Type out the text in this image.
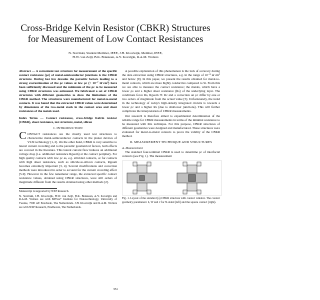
Cross-Bridge Kelvin Resistor (CBKR) Structures
for Measurement of Low Contact Resistances
N. Stavitski, Student Member, IEEE, J.H. Klootwijk, Member, IEEE,
H.W. van Zeijl, B.K. Boksteen, A.Y. Kovalgin, R.A.M. Wolters
Abstract — A convenient test structure for measurement of the specific contact resistance (ρc) of metal-semiconductor junctions is the CBKR structure. During last few decades the parasitic factors leading to a strong overestimation of the ρc values at low ρc (< 10⁻⁷ Ω·cm²) have been sufficiently discussed and the minimum of the ρc to be measured using CBKR structures was estimated. We fabricated a set of CBKR structures with different geometries to show the limitations of the CBKR method. The structures were manufactured for metal-to-metal contacts. It was found that the extracted CBKR values were determined by dimensions of the two-metal stack in the contact area and sheet resistances of the metals used.
Index Terms — Contact resistance, cross-bridge Kelvin resistor (CBKR), sheet resistance, test structure, metal, silicon
I. INTRODUCTION

C ONTACT resistances are the mostly used test structures to characterize metal-semiconductor contacts in the planar devices of VLSI technology [1, 2]. On the other hand, CBKR is very sensitive to lateral current crowding and to the parasitic geometrical factors, both effects are covered in the literature. This lateral current flow induces an additional voltage drop (i.e. additional resistance Rgeom) at the contact periphery. For high quality contacts with low ρc as, e.g. silicided contacts, or for contacts with high sheet resistance, such as silicide-to-silicon contacts, Rgeom becomes extremely important [3, 4]. Several modifications and correction methods were introduced in order to account for the current crowding effect [5-9]. However in the few nanometer range, the extracted specific contact resistance values, obtained using CBKR structures, were still orders of magnitude different from the results obtained using other methods [2].

Manuscript is supported by NXP Research.
N. Stavitski, J.H. Klootwijk, H.W. van Zeijl, B.K. Boksteen, A.Y. Kovalgin and R.A.M. Wolters are with MESA+ Institute for Nanotechnology, University of Twente, 7500 AE Enschede, The Netherlands. J.H. Klootwijk and R.A.M. Wolters are with NXP Research, Eindhoven, The Netherlands.

A possible explanation of this phenomenon is the lack of accuracy during the data extraction using CBKR structures, e.g. in the range of 10⁻⁸ Ω·cm² and below [9]. In this paper, we present the results obtained for metal-to-metal contacts, which are more highly conductive compared to Si. From this we are able to measure the contact resistance; the metals, which have a lower ρs and a higher sheet resistance (Rs) of the underlying layer. The conditions force Rs, Rgeom ≫ Rc and a correction on ρc differ by one or two orders of magnitude from the actual value [5]. Unfortunately, the trend in the technology of today's high-density integrated circuits is towards a lower ρc and a higher Rs (due to shallower junctions). This will further complicate the interpretation of CBKR measurements.

Our research is therefore aimed to experimental determination of the reliable range for CBKR measurements in terms of the minimal resistance to be measured with this technique. For this purpose, CBKR structures of different geometries were designed and manufactured. These structures were evaluated for metal-to-metal contacts to prove the validity of the CBKR method.

II. MEASUREMENT TECHNIQUE AND STRUCTURES
A. Measurement

The standard four-terminal CBKR is used to determine ρc of interfacial contacts (see Fig. 1). The measurement

Fig. 1. Layout of the standard (a) CBKR structure with contact window. The contact geometry parameters: δ, W and ℓ for N-sided (left) and the square contact (right).
331
